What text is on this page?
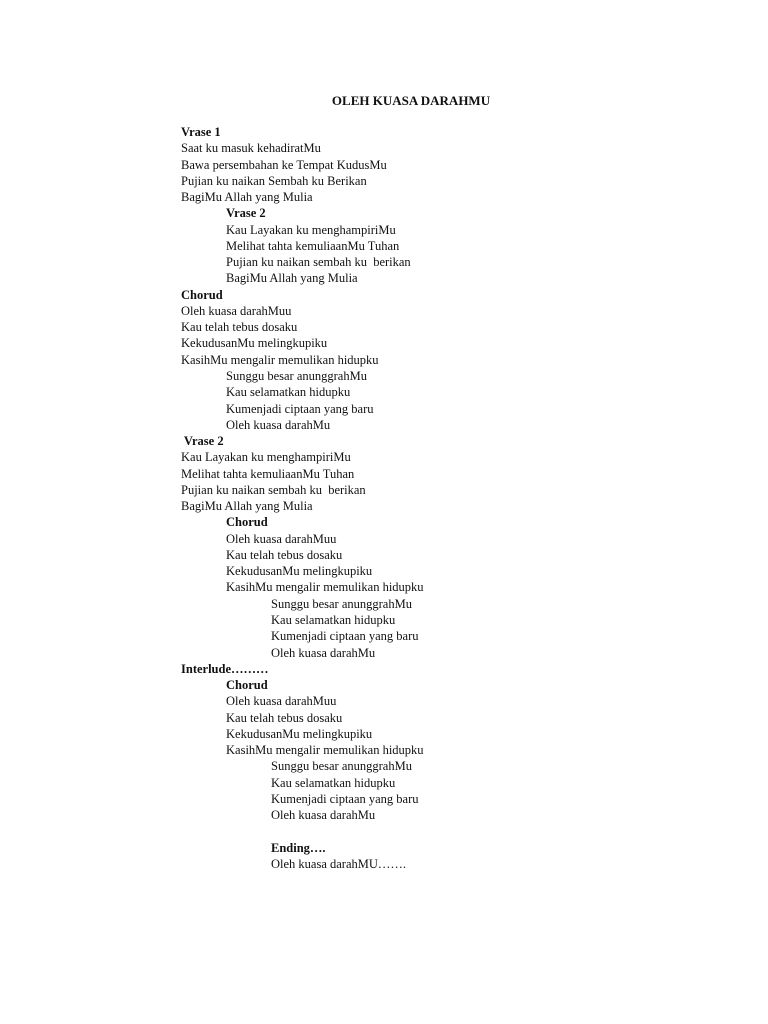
OLEH KUASA DARAHMU
Vrase 1
Saat ku masuk kehadiratMu
Bawa persembahan ke Tempat KudusMu
Pujian ku naikan Sembah ku Berikan
BagiMu Allah yang Mulia
Vrase 2
Kau Layakan ku menghampiriMu
Melihat tahta kemuliaanMu Tuhan
Pujian ku naikan sembah ku  berikan
BagiMu Allah yang Mulia
Chorud
Oleh kuasa darahMuu
Kau telah tebus dosaku
KekudusanMu melingkupiku
KasihMu mengalir memulikan hidupku
Sunggu besar anunggrahMu
Kau selamatkan hidupku
Kumenjadi ciptaan yang baru
Oleh kuasa darahMu
Vrase 2
Kau Layakan ku menghampiriMu
Melihat tahta kemuliaanMu Tuhan
Pujian ku naikan sembah ku  berikan
BagiMu Allah yang Mulia
Chorud
Oleh kuasa darahMuu
Kau telah tebus dosaku
KekudusanMu melingkupiku
KasihMu mengalir memulikan hidupku
Sunggu besar anunggrahMu
Kau selamatkan hidupku
Kumenjadi ciptaan yang baru
Oleh kuasa darahMu
Interlude………
Chorud
Oleh kuasa darahMuu
Kau telah tebus dosaku
KekudusanMu melingkupiku
KasihMu mengalir memulikan hidupku
Sunggu besar anunggrahMu
Kau selamatkan hidupku
Kumenjadi ciptaan yang baru
Oleh kuasa darahMu
Ending….
Oleh kuasa darahMU…….
